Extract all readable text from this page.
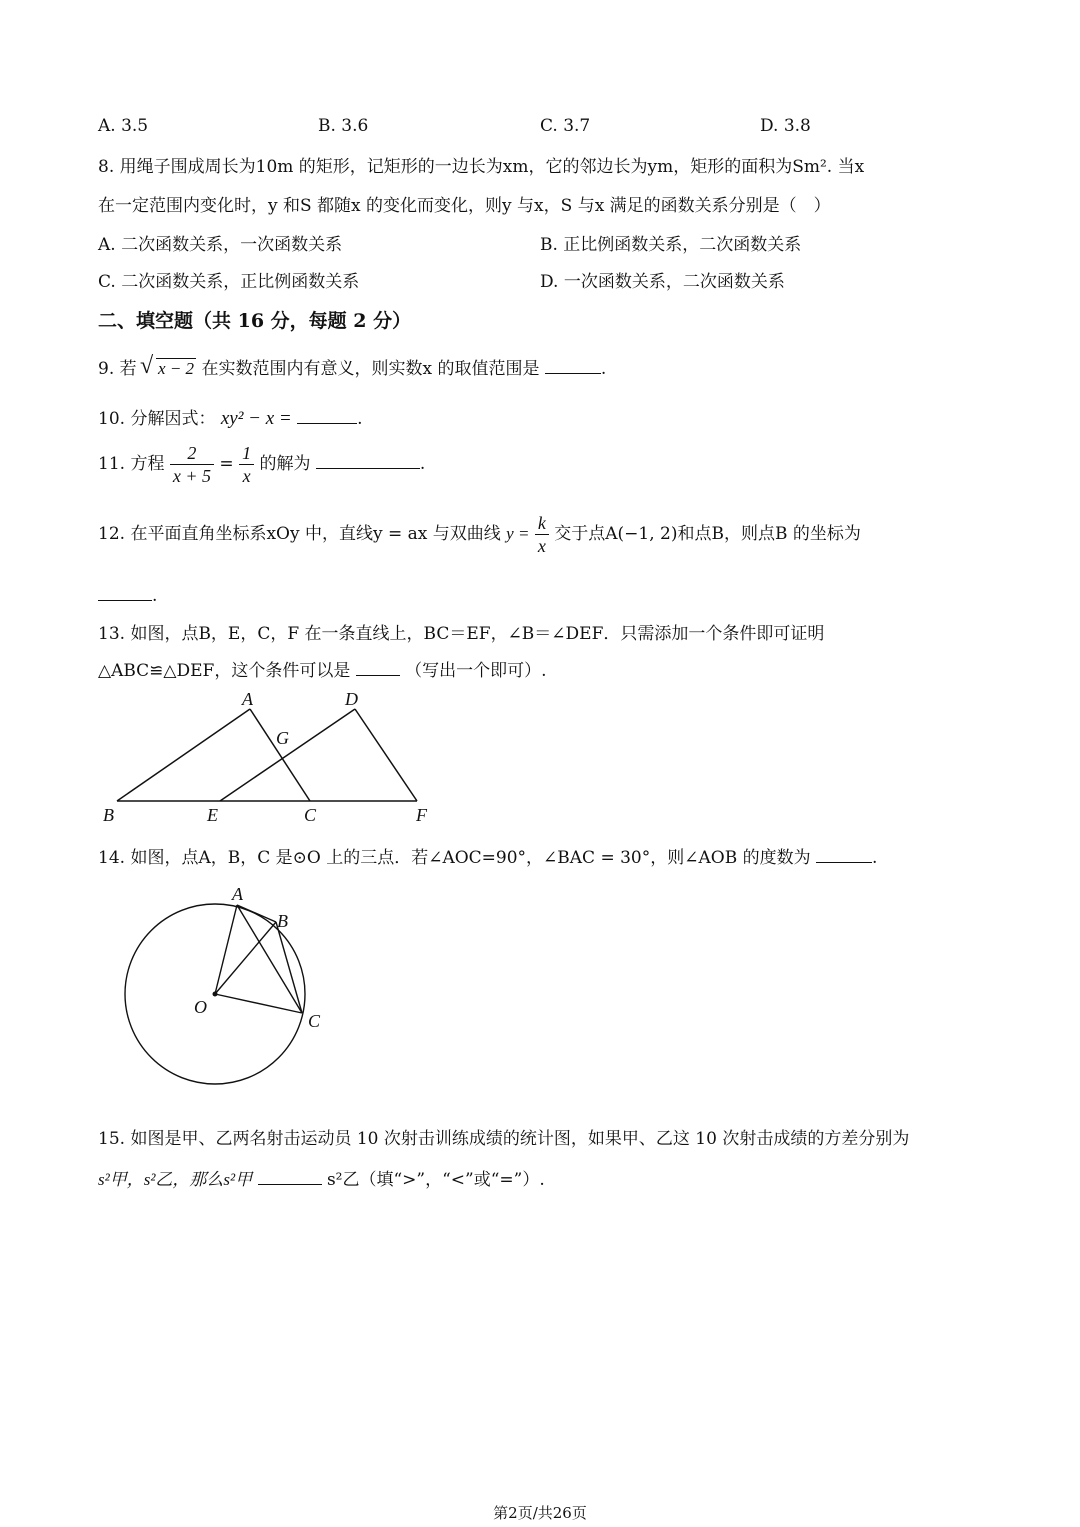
A. 3.5	B. 3.6	C. 3.7	D. 3.8
8. 用绳子围成周长为10m 的矩形，记矩形的一边长为xm，它的邻边长为ym，矩形的面积为Sm². 当x
在一定范围内变化时，y 和S 都随x 的变化而变化，则y 与x，S 与x 满足的函数关系分别是（　）
A. 二次函数关系，一次函数关系	B. 正比例函数关系，二次函数关系
C. 二次函数关系，正比例函数关系	D. 一次函数关系，二次函数关系
二、填空题（共 16 分，每题 2 分）
9. 若 √ x − 2 在实数范围内有意义，则实数x 的取值范围是	.
10. 分解因式： xy² − x =	.
11. 方程 $\frac{2}{x + 5} = \frac{1}{x}$ 的解为	.
12. 在平面直角坐标系xOy 中，直线y = ax 与双曲线 $y = \frac{k}{x}$ 交于点A(−1, 2)和点B，则点B 的坐标为
.
13. 如图，点B，E，C，F 在一条直线上，BC＝EF，∠B＝∠DEF．只需添加一个条件即可证明
△ABC≌△DEF，这个条件可以是	（写出一个即可）.
A	D
G
B	E	C	F
14. 如图，点A，B，C 是⊙O 上的三点．若∠AOC=90°，∠BAC = 30°，则∠AOB 的度数为	.
A
B
O
C
15. 如图是甲、乙两名射击运动员 10 次射击训练成绩的统计图，如果甲、乙这 10 次射击成绩的方差分别为
s²甲，s²乙，那么s²甲	s²乙（填“>”，“<”或“=”）.
第2页/共26页
